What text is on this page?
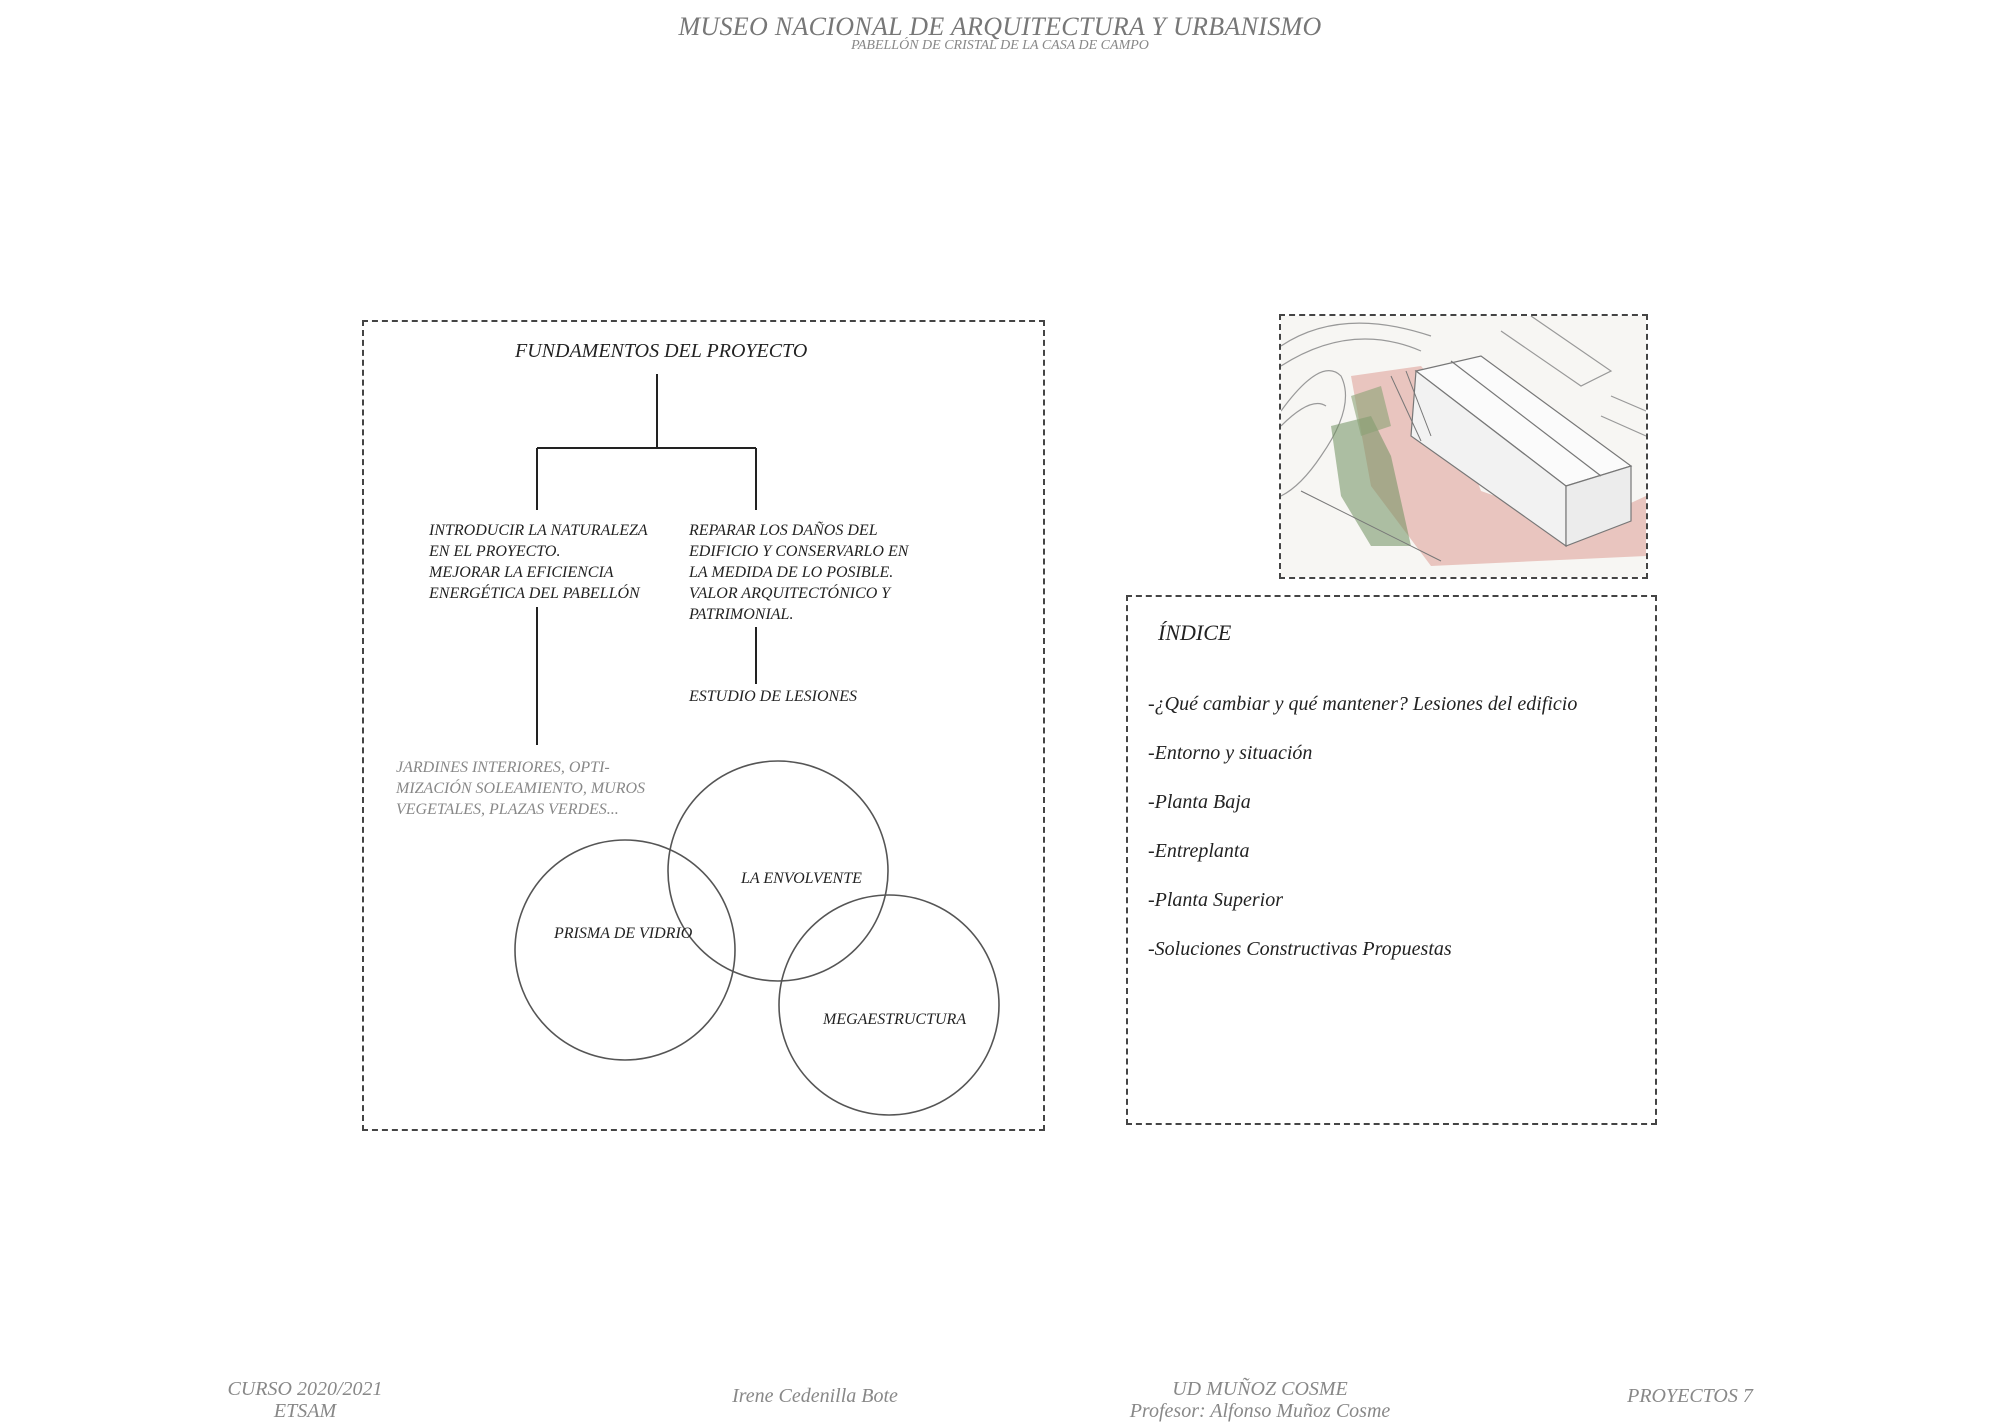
MUSEO NACIONAL DE ARQUITECTURA Y URBANISMO
PABELLÓN DE CRISTAL DE LA CASA DE CAMPO
FUNDAMENTOS DEL PROYECTO
PRISMA DE VIDRIO
LA ENVOLVENTE
MEGAESTRUCTURA
INTRODUCIR LA NATURALEZA
EN EL PROYECTO.
MEJORAR LA EFICIENCIA
ENERGÉTICA DEL PABELLÓN
REPARAR LOS DAÑOS DEL
EDIFICIO Y CONSERVARLO EN
LA MEDIDA DE LO POSIBLE.
VALOR ARQUITECTÓNICO Y
PATRIMONIAL.
ESTUDIO DE LESIONES
JARDINES INTERIORES, OPTI-
MIZACIÓN SOLEAMIENTO, MUROS
VEGETALES, PLAZAS VERDES...
ÍNDICE
-¿Qué cambiar y qué mantener? Lesiones del edificio
-Entorno y situación
-Planta Baja
-Entreplanta
-Planta Superior
-Soluciones Constructivas Propuestas
CURSO 2020/2021
ETSAM
Irene Cedenilla Bote	UD MUÑOZ COSME
Profesor: Alfonso Muñoz Cosme
PROYECTOS 7
